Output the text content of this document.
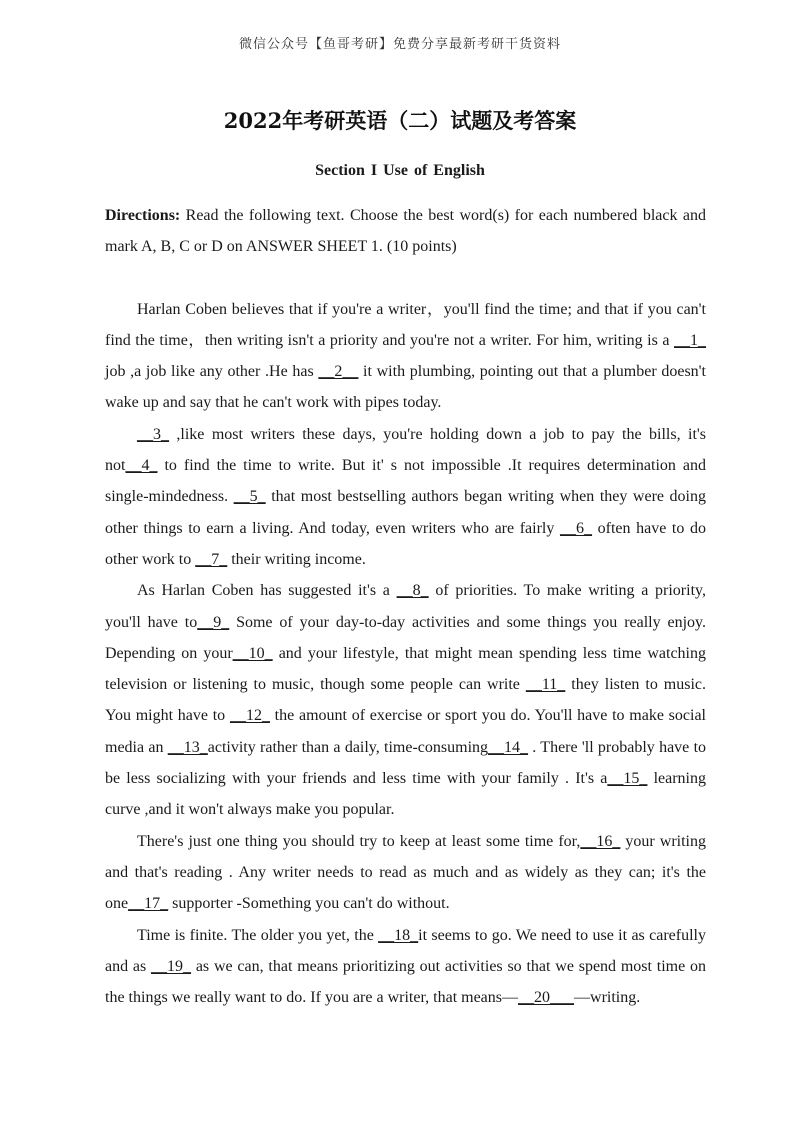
微信公众号【鱼哥考研】免费分享最新考研干货资料
2022年考研英语（二）试题及考答案
Section I Use of English

Directions: Read the following text. Choose the best word(s) for each numbered black and mark A, B, C or D on ANSWER SHEET 1. (10 points)

Harlan Coben believes that if you're a writer，you'll find the time; and that if you can't find the time，then writing isn't a priority and you're not a writer. For him, writing is a __1_ job ,a job like any other .He has __2__ it with plumbing, pointing out that a plumber doesn't wake up and say that he can't work with pipes today.

__3_ ,like most writers these days, you're holding down a job to pay the bills, it's not__4_ to find the time to write. But it' s not impossible .It requires determination and single-mindedness. __5_ that most bestselling authors began writing when they were doing other things to earn a living. And today, even writers who are fairly __6_ often have to do other work to __7_ their writing income.

As Harlan Coben has suggested it's a __8_ of priorities. To make writing a priority, you'll have to__9_ Some of your day-to-day activities and some things you really enjoy. Depending on your__10_ and your lifestyle, that might mean spending less time watching television or listening to music, though some people can write __11_ they listen to music. You might have to __12_ the amount of exercise or sport you do. You'll have to make social media an __13_activity rather than a daily, time-consuming__14_ . There 'll probably have to be less socializing with your friends and less time with your family . It's a__15_ learning curve ,and it won't always make you popular.

There's just one thing you should try to keep at least some time for,__16_ your writing and that's reading . Any writer needs to read as much and as widely as they can; it's the one__17_ supporter -Something you can't do without.

Time is finite. The older you yet, the __18_it seems to go. We need to use it as carefully and as __19_ as we can, that means prioritizing out activities so that we spend most time on the things we really want to do. If you are a writer, that means—__20___—writing.
